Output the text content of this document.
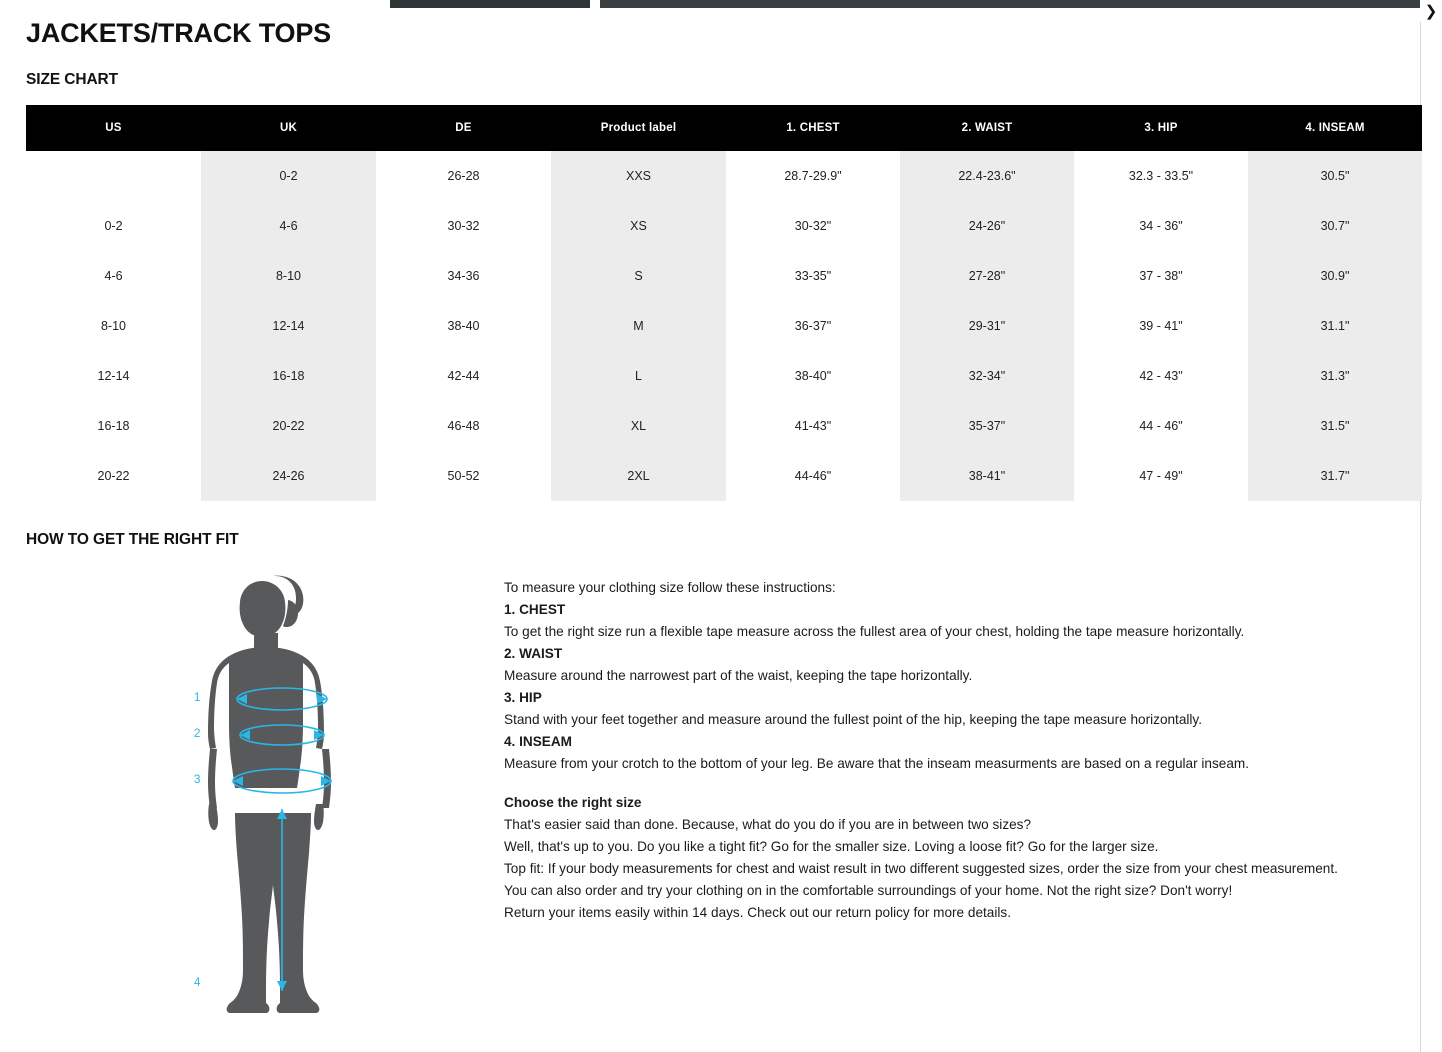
❯
JACKETS/TRACK TOPS
SIZE CHART
US	UK	DE	Product label	1. CHEST	2. WAIST	3. HIP	4. INSEAM
	0-2	26-28	XXS	28.7-29.9"	22.4-23.6"	32.3 - 33.5"	30.5"
0-2	4-6	30-32	XS	30-32"	24-26"	34 - 36"	30.7"
4-6	8-10	34-36	S	33-35"	27-28"	37 - 38"	30.9"
8-10	12-14	38-40	M	36-37"	29-31"	39 - 41"	31.1"
12-14	16-18	42-44	L	38-40"	32-34"	42 - 43"	31.3"
16-18	20-22	46-48	XL	41-43"	35-37"	44 - 46"	31.5"
20-22	24-26	50-52	2XL	44-46"	38-41"	47 - 49"	31.7"
HOW TO GET THE RIGHT FIT
1
2
3
4

To measure your clothing size follow these instructions:

1. CHEST

To get the right size run a flexible tape measure across the fullest area of your chest, holding the tape measure horizontally.

2. WAIST

Measure around the narrowest part of the waist, keeping the tape horizontally.

3. HIP

Stand with your feet together and measure around the fullest point of the hip, keeping the tape measure horizontally.

4. INSEAM

Measure from your crotch to the bottom of your leg. Be aware that the inseam measurments are based on a regular inseam.

Choose the right size

That's easier said than done. Because, what do you do if you are in between two sizes?

Well, that's up to you. Do you like a tight fit? Go for the smaller size. Loving a loose fit? Go for the larger size.

Top fit: If your body measurements for chest and waist result in two different suggested sizes, order the size from your chest measurement.

You can also order and try your clothing on in the comfortable surroundings of your home. Not the right size? Don't worry!

Return your items easily within 14 days. Check out our return policy for more details.
